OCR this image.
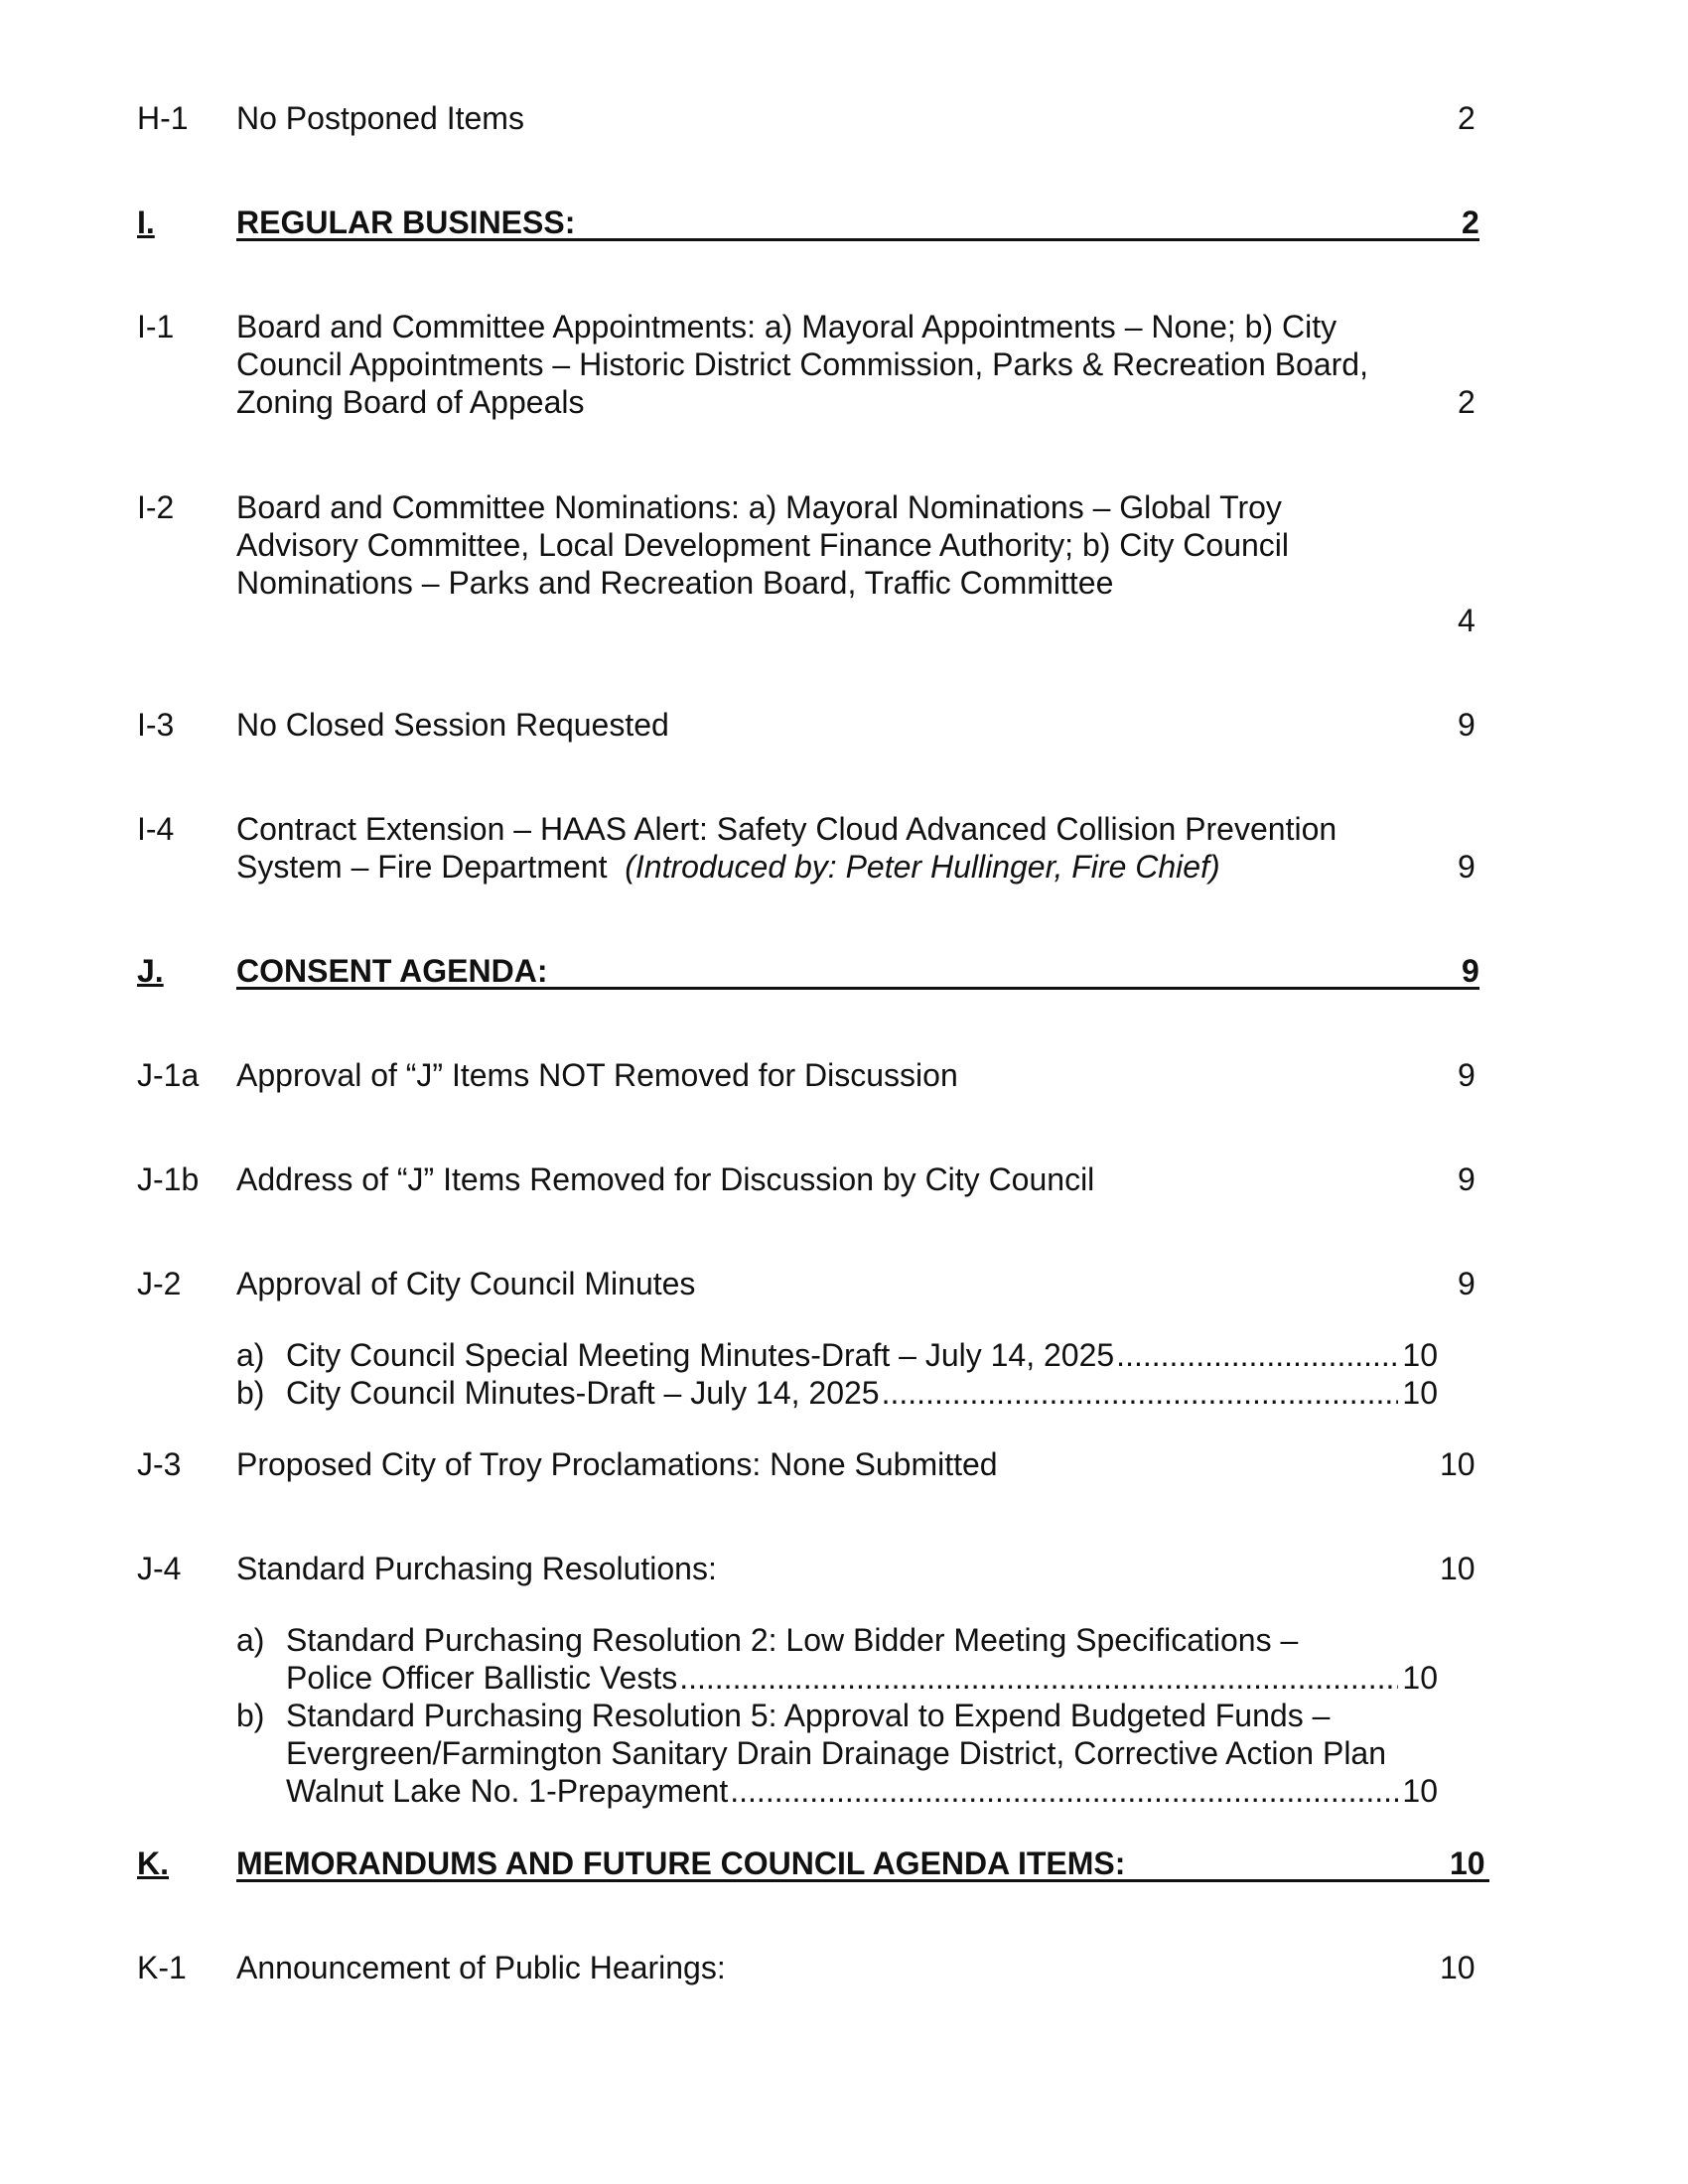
H-1	No Postponed Items	2
I.	REGULAR BUSINESS:	2
I-1	Board and Committee Appointments: a) Mayoral Appointments – None; b) City
Council Appointments – Historic District Commission, Parks & Recreation Board,
Zoning Board of Appeals	2
I-2	Board and Committee Nominations: a) Mayoral Nominations – Global Troy
Advisory Committee, Local Development Finance Authority; b) City Council
Nominations – Parks and Recreation Board, Traffic Committee
4
I-3	No Closed Session Requested	9
I-4	Contract Extension – HAAS Alert: Safety Cloud Advanced Collision Prevention
System – Fire Department (Introduced by: Peter Hullinger, Fire Chief)	9
J.	CONSENT AGENDA:	9
J-1a	Approval of “J” Items NOT Removed for Discussion	9
J-1b	Address of “J” Items Removed for Discussion by City Council	9
J-2	Approval of City Council Minutes	9
a) City Council Special Meeting Minutes-Draft – July 14, 2025 .....	10
b) City Council Minutes-Draft – July 14, 2025 .....	10
J-3	Proposed City of Troy Proclamations: None Submitted	10
J-4	Standard Purchasing Resolutions:	10
a) Standard Purchasing Resolution 2: Low Bidder Meeting Specifications –
Police Officer Ballistic Vests .....	10
b) Standard Purchasing Resolution 5: Approval to Expend Budgeted Funds –
Evergreen/Farmington Sanitary Drain Drainage District, Corrective Action Plan
Walnut Lake No. 1-Prepayment .....	10
K.	MEMORANDUMS AND FUTURE COUNCIL AGENDA ITEMS:	10
K-1	Announcement of Public Hearings:	10
